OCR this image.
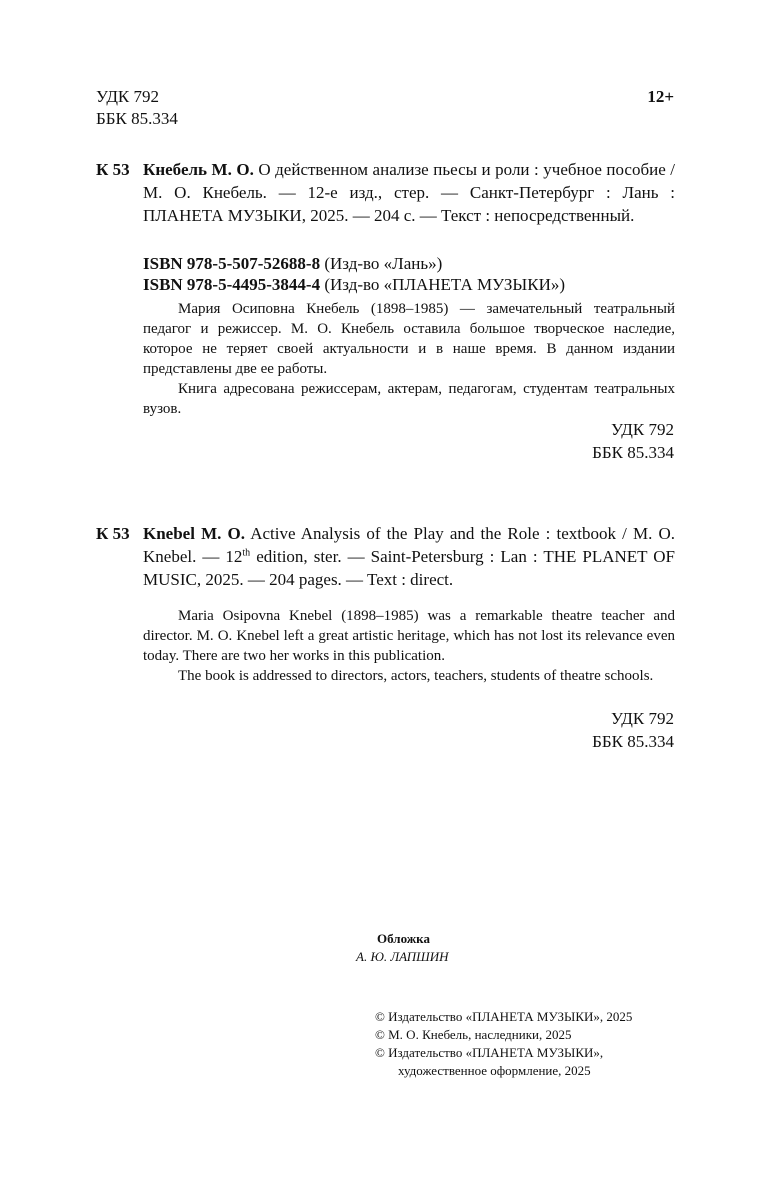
УДК 792
ББК 85.334
12+
К 53 Кнебель М. О. О действенном анализе пьесы и роли : учебное пособие / М. О. Кнебель. — 12-е изд., стер. — Санкт-Петербург : Лань : ПЛАНЕТА МУЗЫКИ, 2025. — 204 с. — Текст : непосредственный.
ISBN 978-5-507-52688-8 (Изд-во «Лань»)
ISBN 978-5-4495-3844-4 (Изд-во «ПЛАНЕТА МУЗЫКИ»)

Мария Осиповна Кнебель (1898–1985) — замечательный театральный педагог и режиссер. М. О. Кнебель оставила большое творческое наследие, которое не теряет своей актуальности и в наше время. В данном издании представлены две ее работы.

Книга адресована режиссерам, актерам, педагогам, студентам театральных вузов.

УДК 792
ББК 85.334
К 53 Knebel M. O. Active Analysis of the Play and the Role : textbook / M. O. Knebel. — 12th edition, ster. — Saint-Petersburg : Lan : THE PLANET OF MUSIC, 2025. — 204 pages. — Text : direct.

Maria Osipovna Knebel (1898–1985) was a remarkable theatre teacher and director. M. O. Knebel left a great artistic heritage, which has not lost its relevance even today. There are two her works in this publication.

The book is addressed to directors, actors, teachers, students of theatre schools.

УДК 792
ББК 85.334
Обложка
А. Ю. ЛАПШИН
© Издательство «ПЛАНЕТА МУЗЫКИ», 2025
© М. О. Кнебель, наследники, 2025
© Издательство «ПЛАНЕТА МУЗЫКИ»,
художественное оформление, 2025
